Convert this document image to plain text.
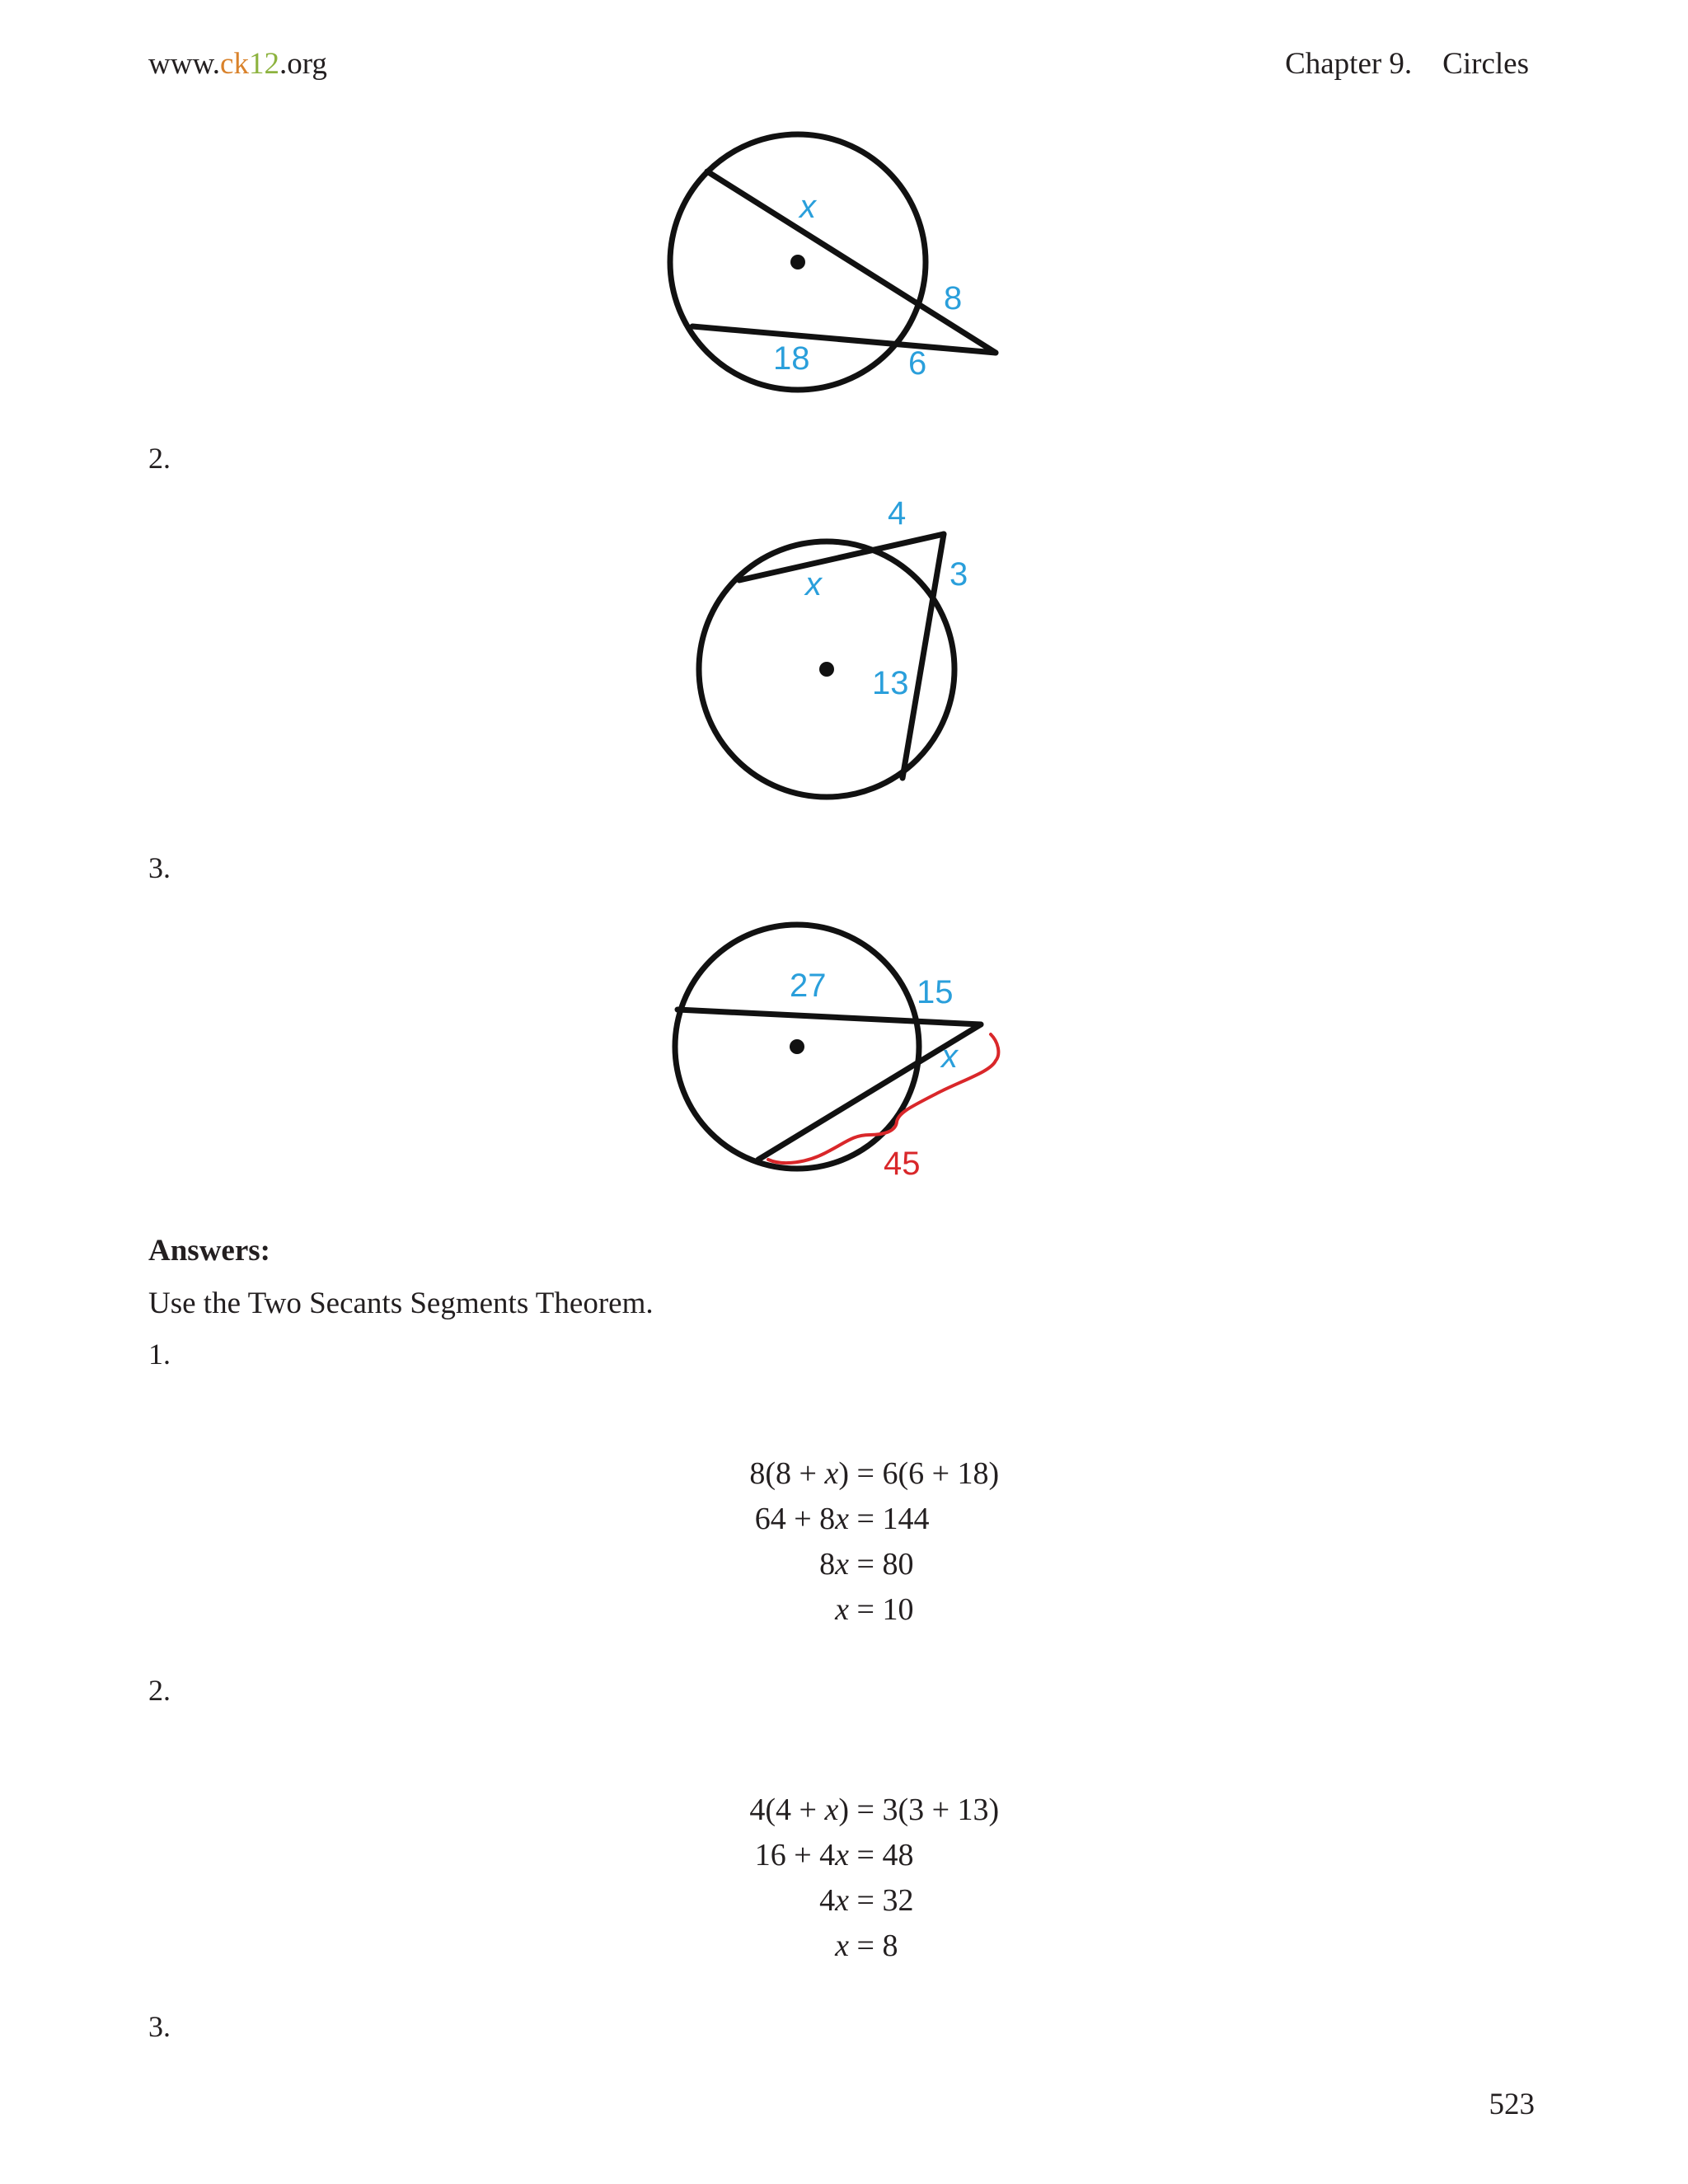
www.ck12.org	Chapter 9.    Circles
x
8
18	6
2.
4
x	3
13
3.
27	15
x
45
Answers:
Use the Two Secants Segments Theorem.
1.
8(8 + x) = 6(6 + 18)
64 + 8x = 144
8x = 80
x = 10
2.
4(4 + x) = 3(3 + 13)
16 + 4x = 48
4x = 32
x = 8
3.
523
